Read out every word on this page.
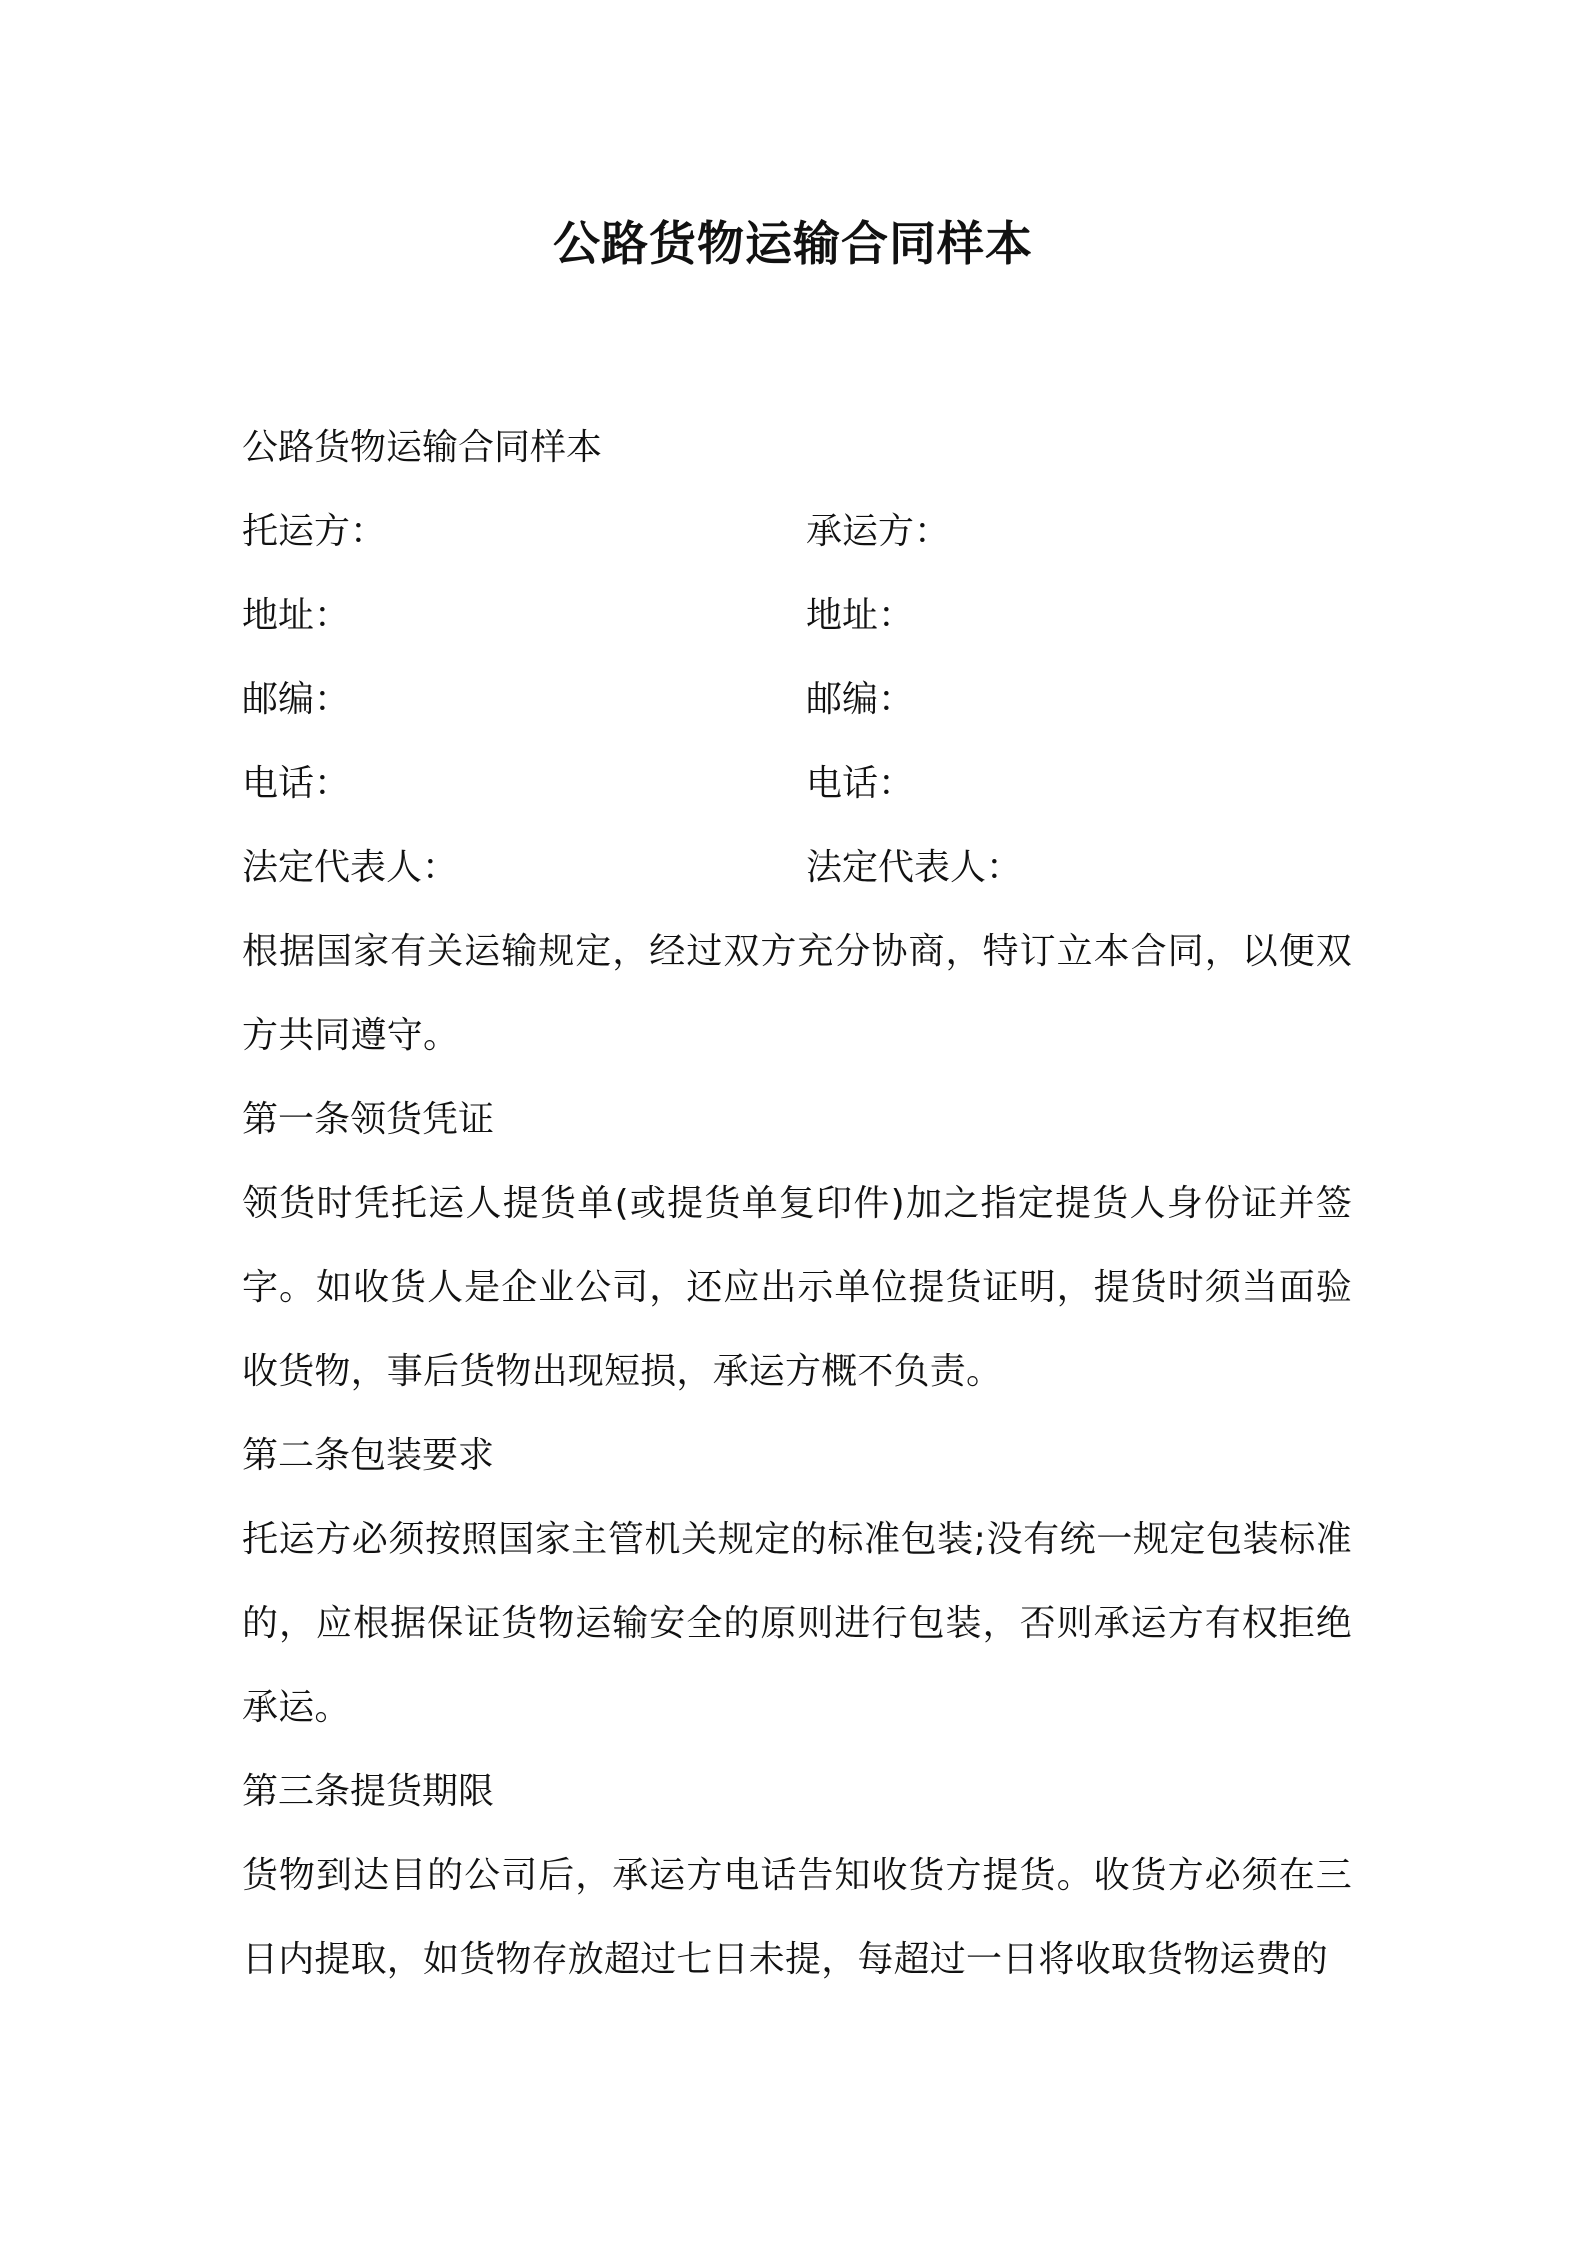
公路货物运输合同样本
公路货物运输合同样本
托运方：	承运方：
地址：	地址：
邮编：	邮编：
电话：	电话：
法定代表人：	法定代表人：
根据国家有关运输规定，经过双方充分协商，特订立本合同，以便双方共同遵守。
第一条领货凭证
领货时凭托运人提货单(或提货单复印件)加之指定提货人身份证并签字。如收货人是企业公司，还应出示单位提货证明，提货时须当面验收货物，事后货物出现短损，承运方概不负责。
第二条包装要求
托运方必须按照国家主管机关规定的标准包装;没有统一规定包装标准的，应根据保证货物运输安全的原则进行包装，否则承运方有权拒绝承运。
第三条提货期限
货物到达目的公司后，承运方电话告知收货方提货。收货方必须在三日内提取，如货物存放超过七日未提，每超过一日将收取货物运费的
